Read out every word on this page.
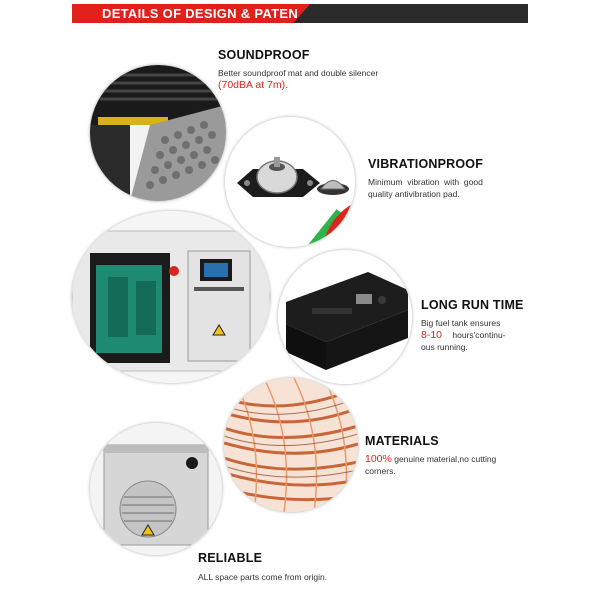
DETAILS OF DESIGN & PATEN
SOUNDPROOF
Better soundproof mat and double silencer
(70dBA at 7m).
VIBRATIONPROOF
Minimum  vibration  with  good
quality antivibration pad.
LONG RUN TIME
Big fuel tank ensures
8-10 hours'continu-
ous running.
MATERIALS
100% genuine material,no cutting
corners.
RELIABLE
ALL space parts come from origin.
